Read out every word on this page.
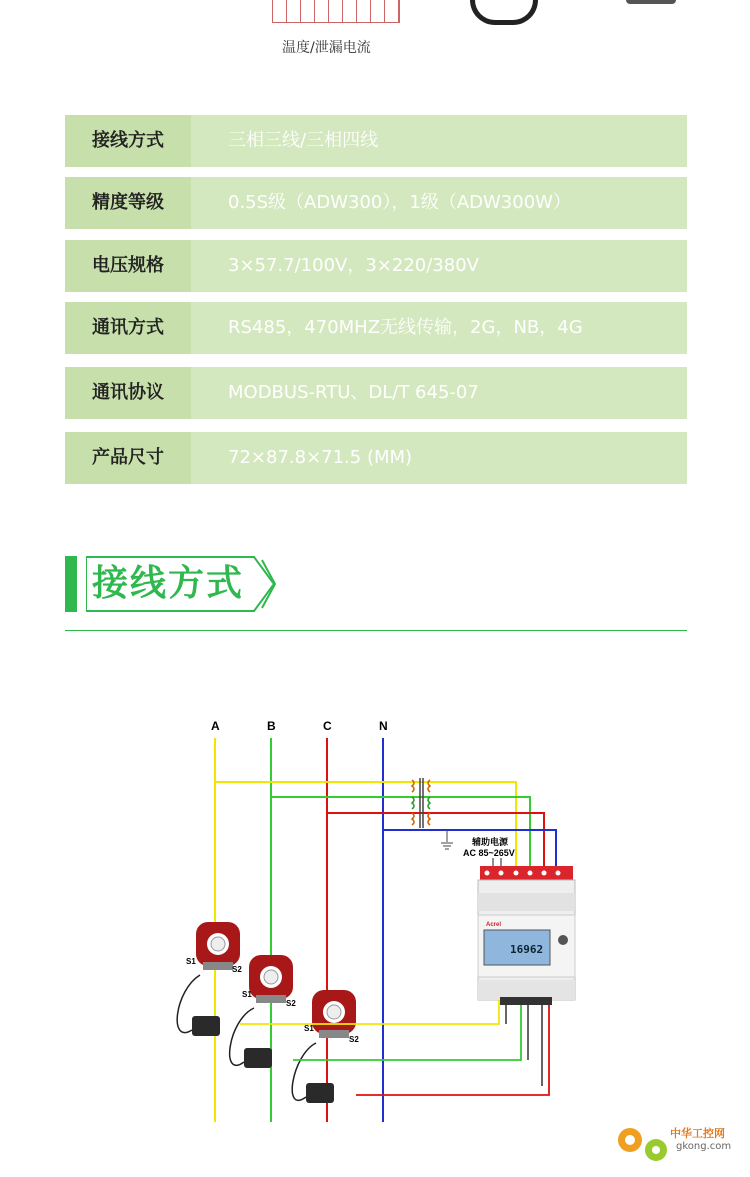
温度/泄漏电流
接线方式	三相三线/三相四线
精度等级	0.5S级（ADW300），1级（ADW300W）
电压规格	3×57.7/100V，3×220/380V
通讯方式	RS485，470MHZ无线传输，2G，NB，4G
通讯协议	MODBUS-RTU、DL/T 645-07
产品尺寸	72×87.8×71.5 (MM)
接线方式
A	B	C	N
辅助电源
AC 85~265V
Acrel
16962
S1
S2
S1
S2
S1
S2
中华工控网
gkong.com
